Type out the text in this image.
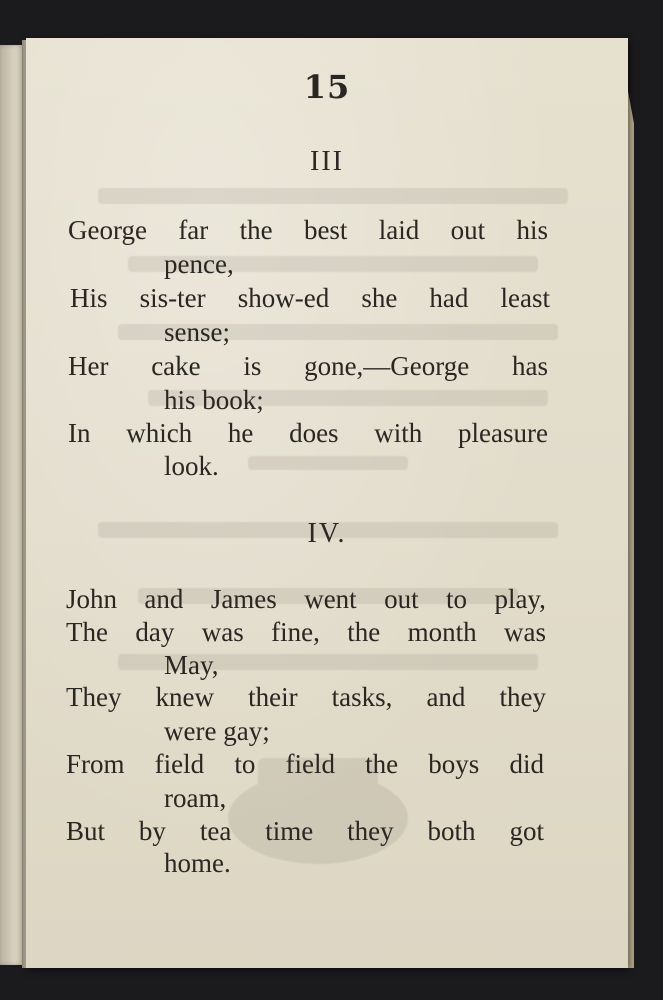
15
III
George far the best laid out his
pence,
His sis-ter show-ed she had least
sense;
Her cake is gone,—George has
his book;
In which he does with pleasure
look.
IV.
John and James went out to play,
The day was fine, the month was
May,
They knew their tasks, and they
were gay;
From field to field the boys did
roam,
But by tea time they both got
home.
